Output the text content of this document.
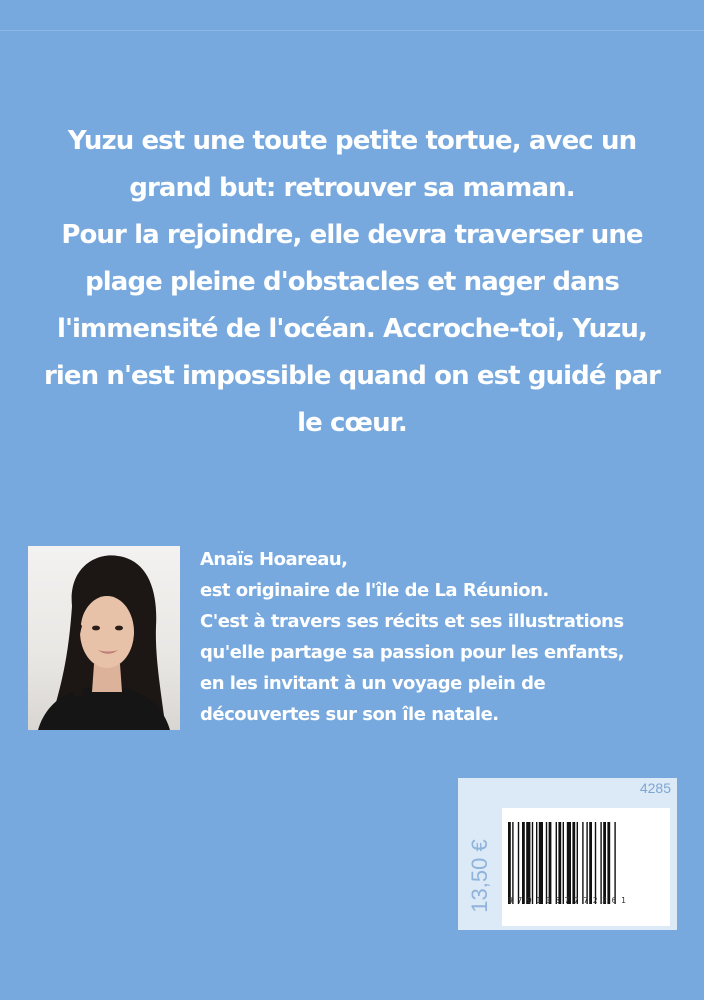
Yuzu est une toute petite tortue, avec un
grand but: retrouver sa maman.
Pour la rejoindre, elle devra traverser une
plage pleine d'obstacles et nager dans
l'immensité de l'océan. Accroche-toi, Yuzu,
rien n'est impossible quand on est guidé par
le cœur.
Anaïs Hoareau,
est originaire de l'île de La Réunion.
C'est à travers ses récits et ses illustrations
qu'elle partage sa passion pour les enfants,
en les invitant à un voyage plein de
découvertes sur son île natale.
4285
13,50 € 9791037772261
